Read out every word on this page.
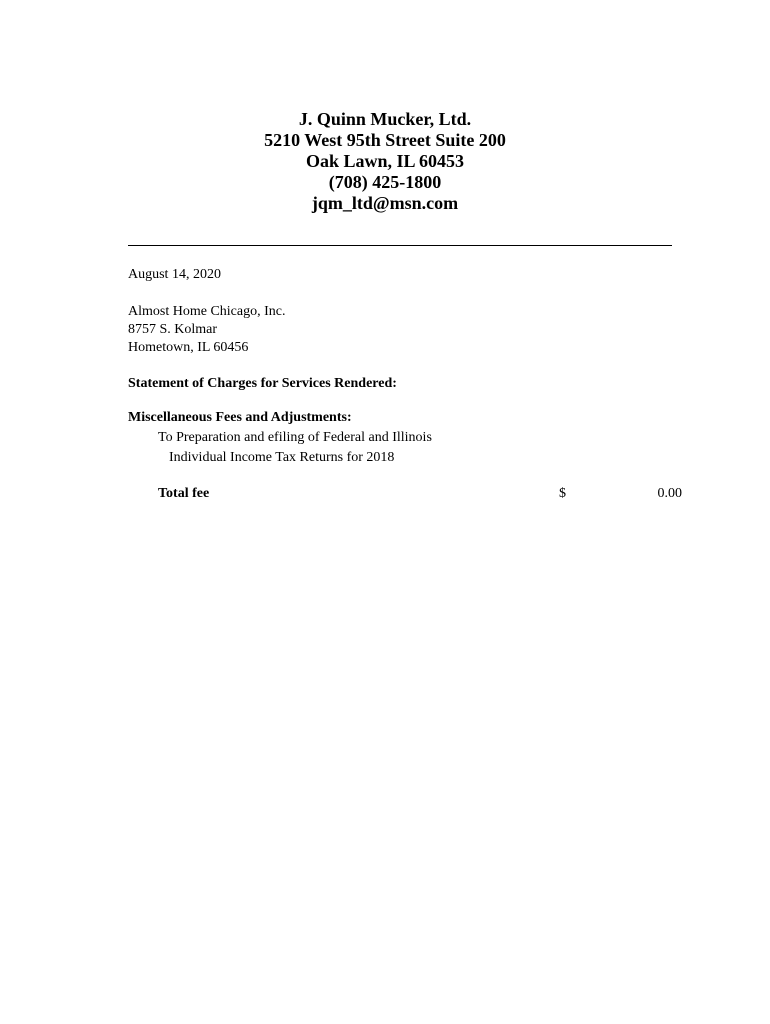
J. Quinn Mucker, Ltd.
5210 West 95th Street Suite 200
Oak Lawn, IL 60453
(708) 425-1800
jqm_ltd@msn.com
August 14, 2020
Almost Home Chicago, Inc.
8757 S. Kolmar
Hometown, IL 60456
Statement of Charges for Services Rendered:
Miscellaneous Fees and Adjustments:
To Preparation and efiling of Federal and Illinois
Individual Income Tax Returns for 2018
Total fee	$	0.00
